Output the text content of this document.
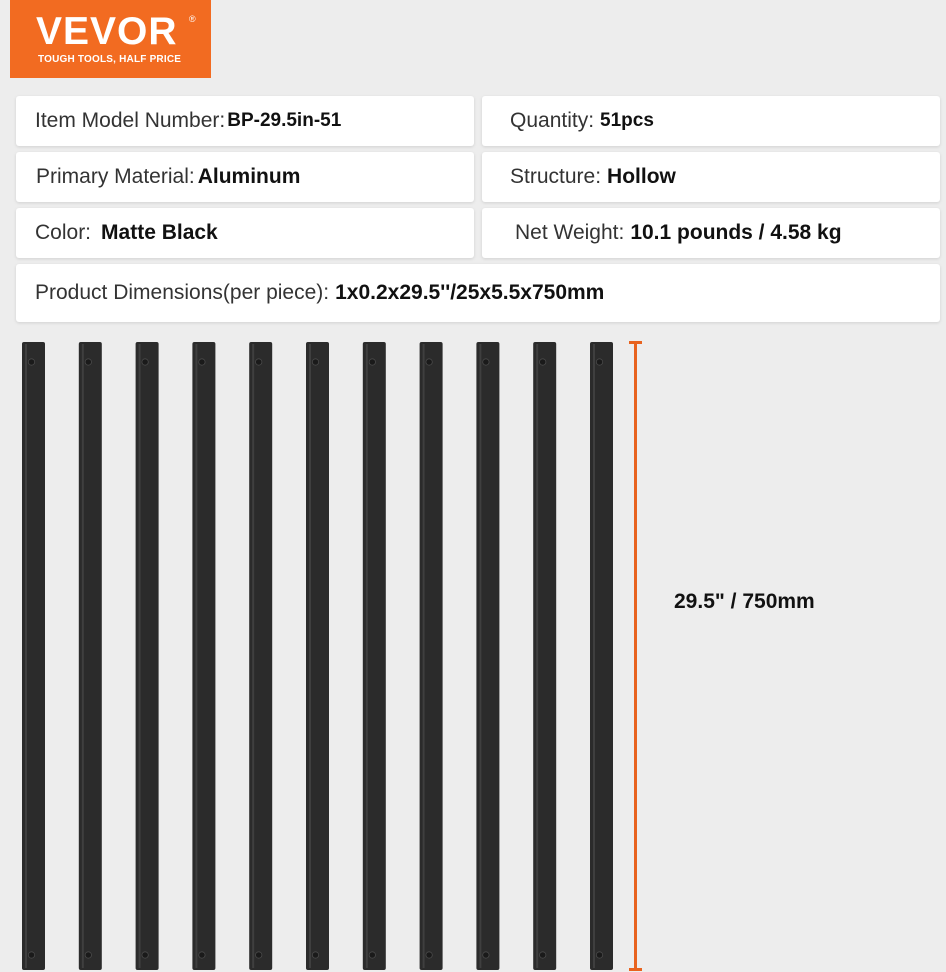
VEVOR	®
TOUGH TOOLS, HALF PRICE
Item Model Number: BP-29.5in-51	Quantity: 51pcs
Primary Material: Aluminum	Structure: Hollow
Color: Matte Black	Net Weight: 10.1 pounds / 4.58 kg
Product Dimensions(per piece): 1x0.2x29.5''/25x5.5x750mm
29.5" / 750mm
